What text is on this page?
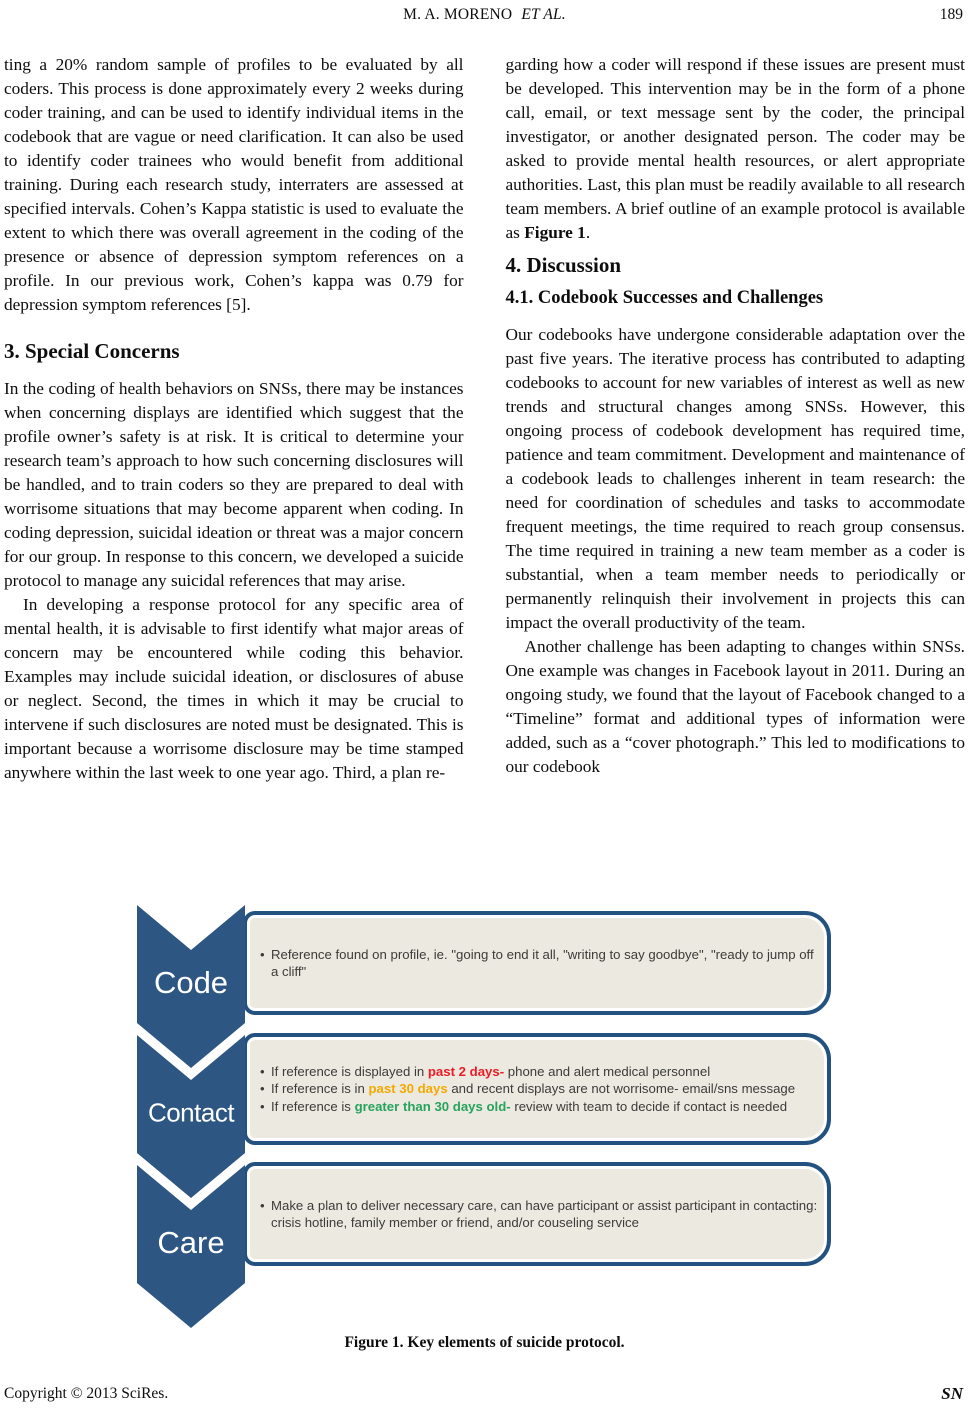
M. A. MORENO ET AL.	189

ting a 20% random sample of profiles to be evaluated by all coders. This process is done approximately every 2 weeks during coder training, and can be used to identify individual items in the codebook that are vague or need clarification. It can also be used to identify coder trainees who would benefit from additional training. During each research study, interraters are assessed at specified intervals. Cohen’s Kappa statistic is used to evaluate the extent to which there was overall agreement in the coding of the presence or absence of depression symptom references on a profile. In our previous work, Cohen’s kappa was 0.79 for depression symptom references [5].

3. Special Concerns

In the coding of health behaviors on SNSs, there may be instances when concerning displays are identified which suggest that the profile owner’s safety is at risk. It is critical to determine your research team’s approach to how such concerning disclosures will be handled, and to train coders so they are prepared to deal with worrisome situations that may become apparent when coding. In coding depression, suicidal ideation or threat was a major concern for our group. In response to this concern, we developed a suicide protocol to manage any suicidal references that may arise.

In developing a response protocol for any specific area of mental health, it is advisable to first identify what major areas of concern may be encountered while coding this behavior. Examples may include suicidal ideation, or disclosures of abuse or neglect. Second, the times in which it may be crucial to intervene if such disclosures are noted must be designated. This is important because a worrisome disclosure may be time stamped anywhere within the last week to one year ago. Third, a plan re-

garding how a coder will respond if these issues are present must be developed. This intervention may be in the form of a phone call, email, or text message sent by the coder, the principal investigator, or another designated person. The coder may be asked to provide mental health resources, or alert appropriate authorities. Last, this plan must be readily available to all research team members. A brief outline of an example protocol is available as Figure 1.

4. Discussion
4.1. Codebook Successes and Challenges

Our codebooks have undergone considerable adaptation over the past five years. The iterative process has contributed to adapting codebooks to account for new variables of interest as well as new trends and structural changes among SNSs. However, this ongoing process of codebook development has required time, patience and team commitment. Development and maintenance of a codebook leads to challenges inherent in team research: the need for coordination of schedules and tasks to accommodate frequent meetings, the time required to reach group consensus. The time required in training a new team member as a coder is substantial, when a team member needs to periodically or permanently relinquish their involvement in projects this can impact the overall productivity of the team.

Another challenge has been adapting to changes within SNSs. One example was changes in Facebook layout in 2011. During an ongoing study, we found that the layout of Facebook changed to a “Timeline” format and additional types of information were added, such as a “cover photograph.” This led to modifications to our codebook

Code
• Reference found on profile, ie. "going to end it all, "writing to say goodbye", "ready to jump off a cliff"
Contact
• If reference is displayed in past 2 days- phone and alert medical personnel
• If reference is in past 30 days and recent displays are not worrisome- email/sns message
• If reference is greater than 30 days old- review with team to decide if contact is needed
Care
• Make a plan to deliver necessary care, can have participant or assist participant in contacting: crisis hotline, family member or friend, and/or couseling service
Figure 1. Key elements of suicide protocol.
Copyright © 2013 SciRes.	SN
